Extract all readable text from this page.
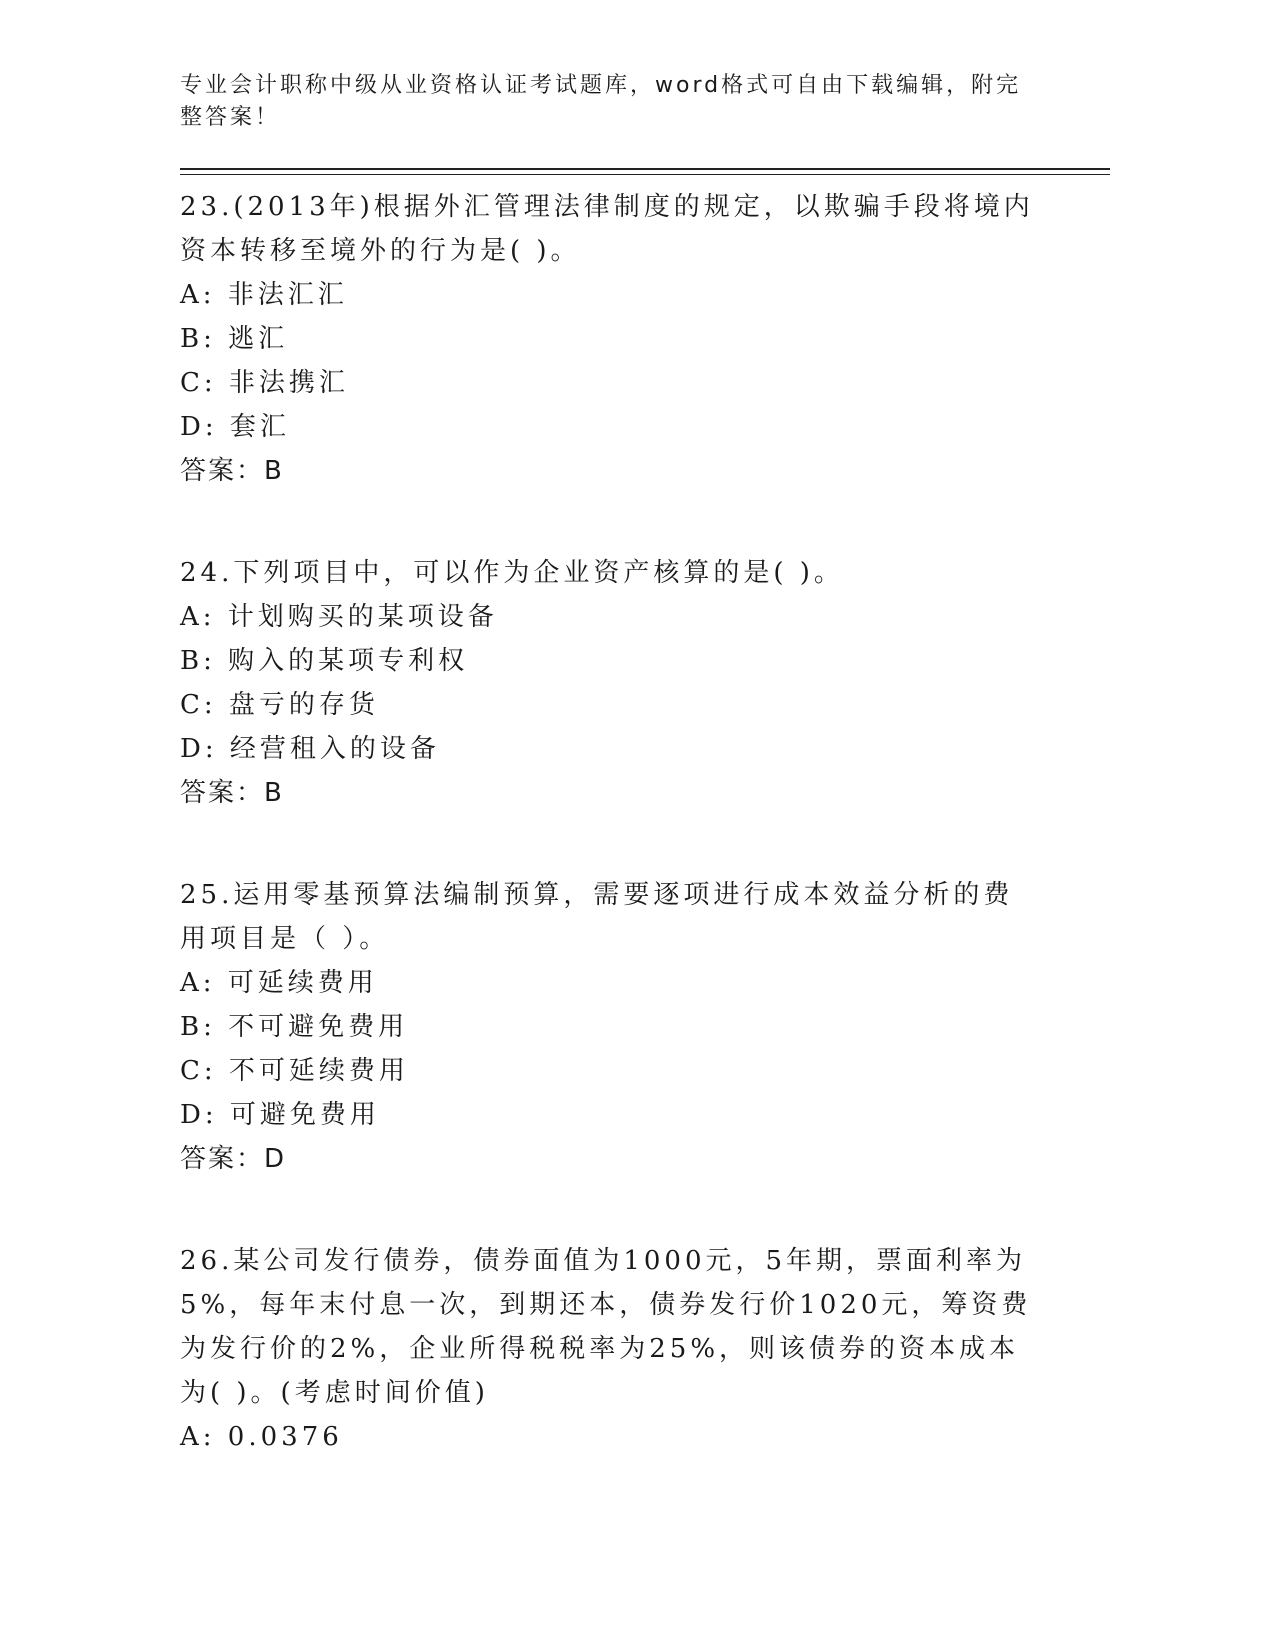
专业会计职称中级从业资格认证考试题库，word格式可自由下载编辑，附完整答案！

23.(2013年)根据外汇管理法律制度的规定，以欺骗手段将境内资本转移至境外的行为是( )。

A: 非法汇汇

B: 逃汇

C: 非法携汇

D: 套汇

答案：B

24.下列项目中，可以作为企业资产核算的是( )。

A: 计划购买的某项设备

B: 购入的某项专利权

C: 盘亏的存货

D: 经营租入的设备

答案：B

25.运用零基预算法编制预算，需要逐项进行成本效益分析的费用项目是（ ）。

A: 可延续费用

B: 不可避免费用

C: 不可延续费用

D: 可避免费用

答案：D

26.某公司发行债券，债券面值为1000元，5年期，票面利率为5%，每年末付息一次，到期还本，债券发行价1020元，筹资费为发行价的2%，企业所得税税率为25%，则该债券的资本成本为( )。(考虑时间价值)

A: 0.0376
